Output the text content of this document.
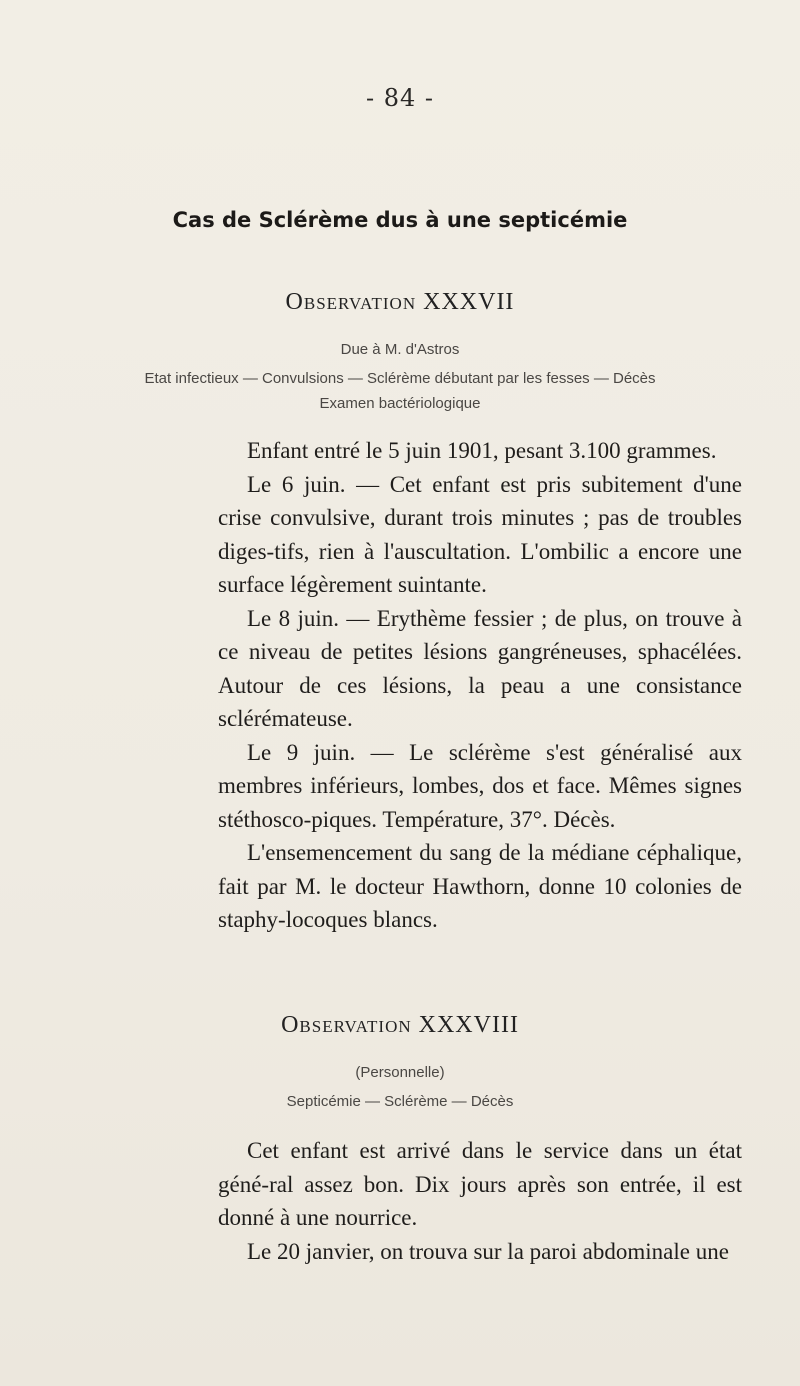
- 84 -
Cas de Sclérème dus à une septicémie
Observation XXXVII
Due à M. d'Astros
Etat infectieux — Convulsions — Sclérème débutant par les fesses — Décès
Examen bactériologique

Enfant entré le 5 juin 1901, pesant 3.100 grammes.

Le 6 juin. — Cet enfant est pris subitement d'une crise convulsive, durant trois minutes ; pas de troubles diges-tifs, rien à l'auscultation. L'ombilic a encore une surface légèrement suintante.

Le 8 juin. — Erythème fessier ; de plus, on trouve à ce niveau de petites lésions gangréneuses, sphacélées. Autour de ces lésions, la peau a une consistance sclérémateuse.

Le 9 juin. — Le sclérème s'est généralisé aux membres inférieurs, lombes, dos et face. Mêmes signes stéthosco-piques. Température, 37°. Décès.

L'ensemencement du sang de la médiane céphalique, fait par M. le docteur Hawthorn, donne 10 colonies de staphy-locoques blancs.

Observation XXXVIII
(Personnelle)
Septicémie — Sclérème — Décès

Cet enfant est arrivé dans le service dans un état géné-ral assez bon. Dix jours après son entrée, il est donné à une nourrice.

Le 20 janvier, on trouva sur la paroi abdominale une
